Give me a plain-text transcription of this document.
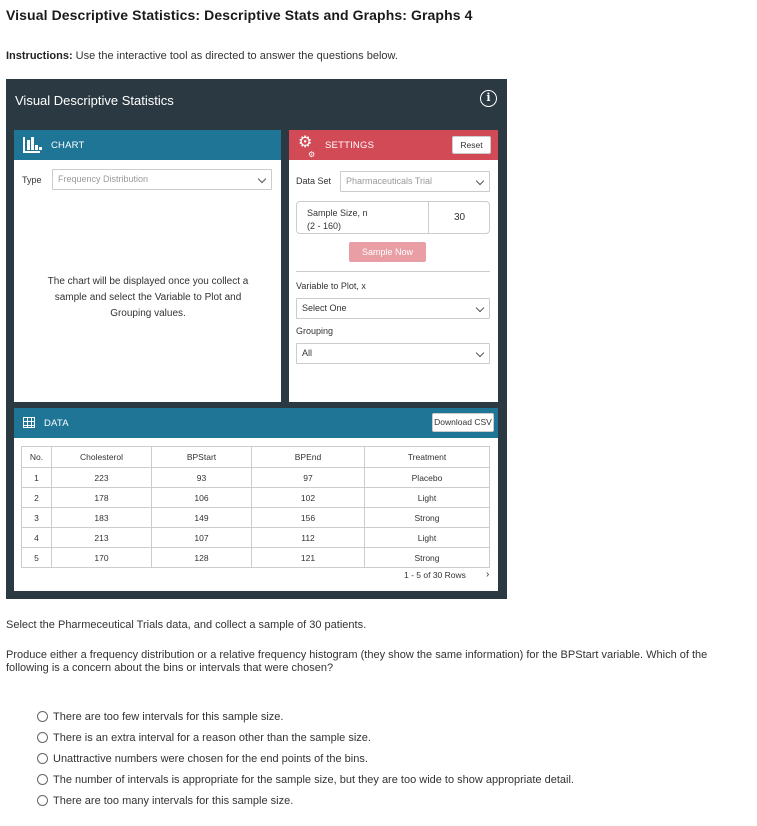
Visual Descriptive Statistics: Descriptive Stats and Graphs: Graphs 4
Instructions: Use the interactive tool as directed to answer the questions below.
Visual Descriptive Statistics	i
CHART
Type	Frequency Distribution
The chart will be displayed once you collect a sample and select the Variable to Plot and Grouping values.
⚙
⚙
SETTINGS	Reset
Data Set	Pharmaceuticals Trial
Sample Size, n
(2 - 160)
30
Sample Now
Variable to Plot, x
Select One
Grouping
All
DATA	Download CSV
No.	Cholesterol	BPStart	BPEnd	Treatment
1	223	93	97	Placebo
2	178	106	102	Light
3	183	149	156	Strong
4	213	107	112	Light
5	170	128	121	Strong
1 - 5 of 30 Rows ›
Select the Pharmeceutical Trials data, and collect a sample of 30 patients.
Produce either a frequency distribution or a relative frequency histogram (they show the same information) for the BPStart variable. Which of the following is a concern about the bins or intervals that were chosen?
There are too few intervals for this sample size.
There is an extra interval for a reason other than the sample size.
Unattractive numbers were chosen for the end points of the bins.
The number of intervals is appropriate for the sample size, but they are too wide to show appropriate detail.
There are too many intervals for this sample size.
